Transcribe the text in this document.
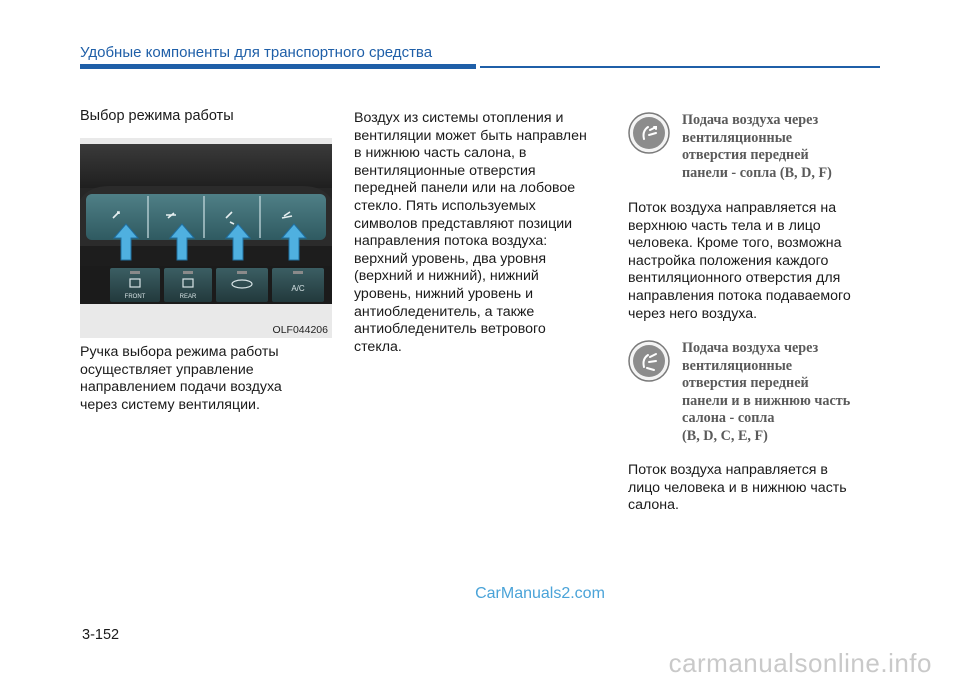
Удобные компоненты для транспортного средства
Выбор режима работы
FRONT	REAR
A/C
OLF044206
Ручка выбора режима работы
осуществляет управление
направлением подачи воздуха
через систему вентиляции.
Воздух из системы отопления и
вентиляции может быть направлен
в нижнюю часть салона, в
вентиляционные отверстия
передней панели или на лобовое
стекло. Пять используемых
символов представляют позиции
направления потока воздуха:
верхний уровень, два уровня
(верхний и нижний), нижний
уровень, нижний уровень и
антиобледенитель, а также
антиобледенитель ветрового
стекла.
Подача воздуха через
вентиляционные
отверстия передней
панели - сопла (B, D, F)
Поток воздуха направляется на
верхнюю часть тела и в лицо
человека. Кроме того, возможна
настройка положения каждого
вентиляционного отверстия для
направления потока подаваемого
через него воздуха.
Подача воздуха через
вентиляционные
отверстия передней
панели и в нижнюю часть
салона - сопла
(B, D, C, E, F)
Поток воздуха направляется в
лицо человека и в нижнюю часть
салона.
CarManuals2.com
3-152
carmanualsonline.info
